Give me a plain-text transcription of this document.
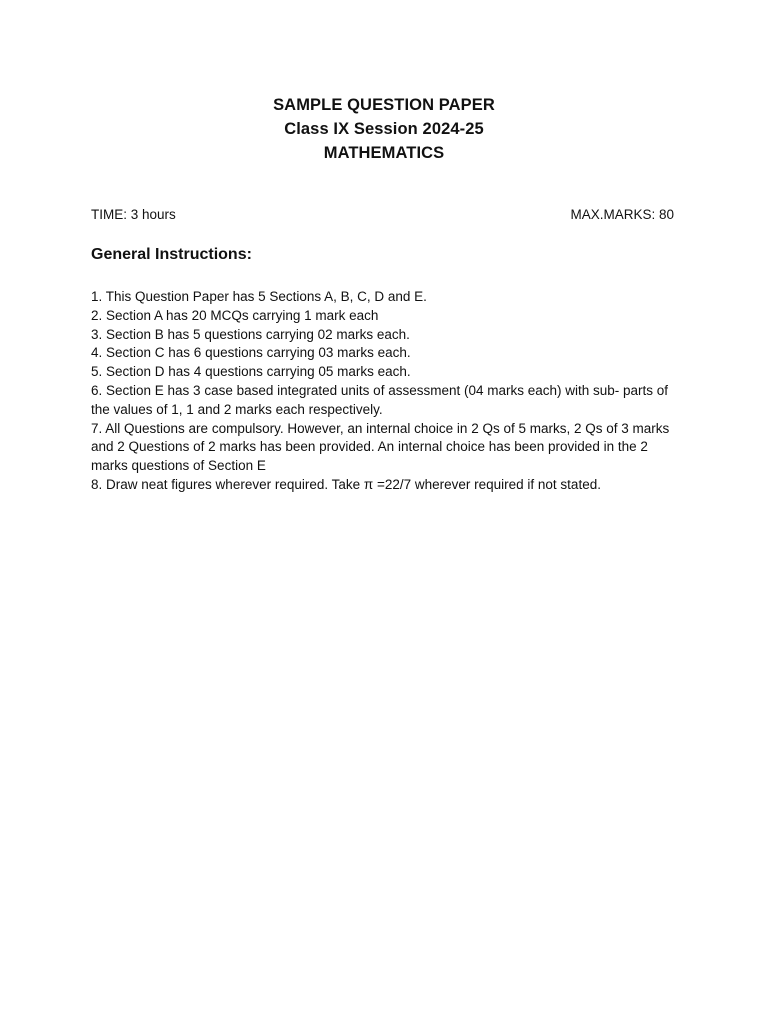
SAMPLE QUESTION PAPER
Class IX Session 2024-25
MATHEMATICS
TIME: 3 hours	MAX.MARKS: 80
General Instructions:
1. This Question Paper has 5 Sections A, B, C, D and E.
2. Section A has 20 MCQs carrying 1 mark each
3. Section B has 5 questions carrying 02 marks each.
4. Section C has 6 questions carrying 03 marks each.
5. Section D has 4 questions carrying 05 marks each.
6. Section E has 3 case based integrated units of assessment (04 marks each) with sub- parts of the values of 1, 1 and 2 marks each respectively.
7. All Questions are compulsory. However, an internal choice in 2 Qs of 5 marks, 2 Qs of 3 marks and 2 Questions of 2 marks has been provided. An internal choice has been provided in the 2 marks questions of Section E
8. Draw neat figures wherever required. Take π =22/7 wherever required if not stated.
